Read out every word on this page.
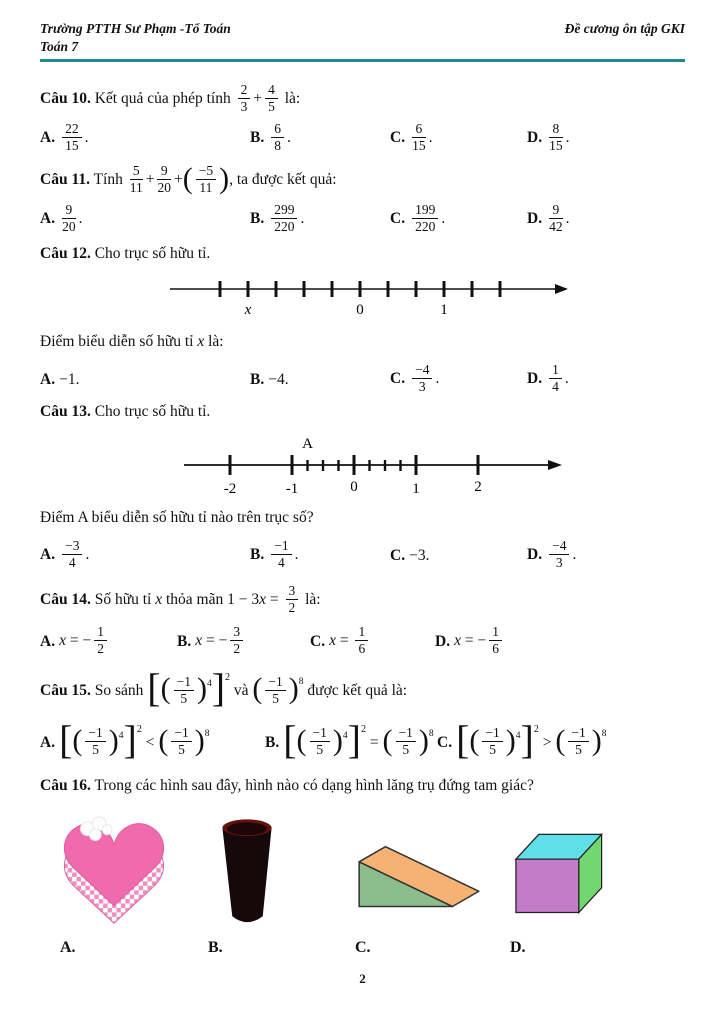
Trường PTTH Sư Phạm -Tổ Toán
Toán 7
Đề cương ôn tập GKI
Câu 10. Kết quả của phép tính $\frac{2}{3} + \frac{4}{5}$ là:
A. $\frac{22}{15}$ .	B. $\frac{6}{8}$ .	C. $\frac{6}{15}$ .	D. $\frac{8}{15}$ .
Câu 11. Tính $\frac{5}{11} + \frac{9}{20}$ +( $\frac{-5}{11}$ ), ta được kết quả:
A. $\frac{9}{20}$ .	B. $\frac{299}{220}$ .	C. $\frac{199}{220}$ .	D. $\frac{9}{42}$ .
Câu 12. Cho trục số hữu tỉ.
x	0	1
Điểm biểu diễn số hữu tỉ x là:
A. −1.	B. −4.	C. $\frac{-4}{3}$ .	D. $\frac{1}{4}$ .
Câu 13. Cho trục số hữu tỉ.
A
-2	-1	0	1	2
Điểm A biểu diễn số hữu tỉ nào trên trục số?
A. $\frac{-3}{4}$ .	B. $\frac{-1}{4}$ .	C. −3.	D. $\frac{-4}{3}$ .
Câu 14. Số hữu tỉ x thỏa mãn $1 - 3x = \frac{3}{2}$ là:
A. x = − $\frac{1}{2}$	B. x = − $\frac{3}{2}$	C. $x = \frac{1}{6}$	D. x = − $\frac{1}{6}$
Câu 15. So sánh [( $\frac{-1}{5} )^4]^2$ và ( $\frac{-1}{5} )^8$ được kết quả là:
A. [( $\frac{-1}{5} )^4]^2$ < ( $\frac{-1}{5} )^8$	B. [( $\frac{-1}{5} )^4]^2$ = ( $\frac{-1}{5} )^8$ C. [( $\frac{-1}{5} )^4]^2$ > ( $\frac{-1}{5} )^8$
Câu 16. Trong các hình sau đây, hình nào có dạng hình lăng trụ đứng tam giác?
A.	B.	C.	D.
2
